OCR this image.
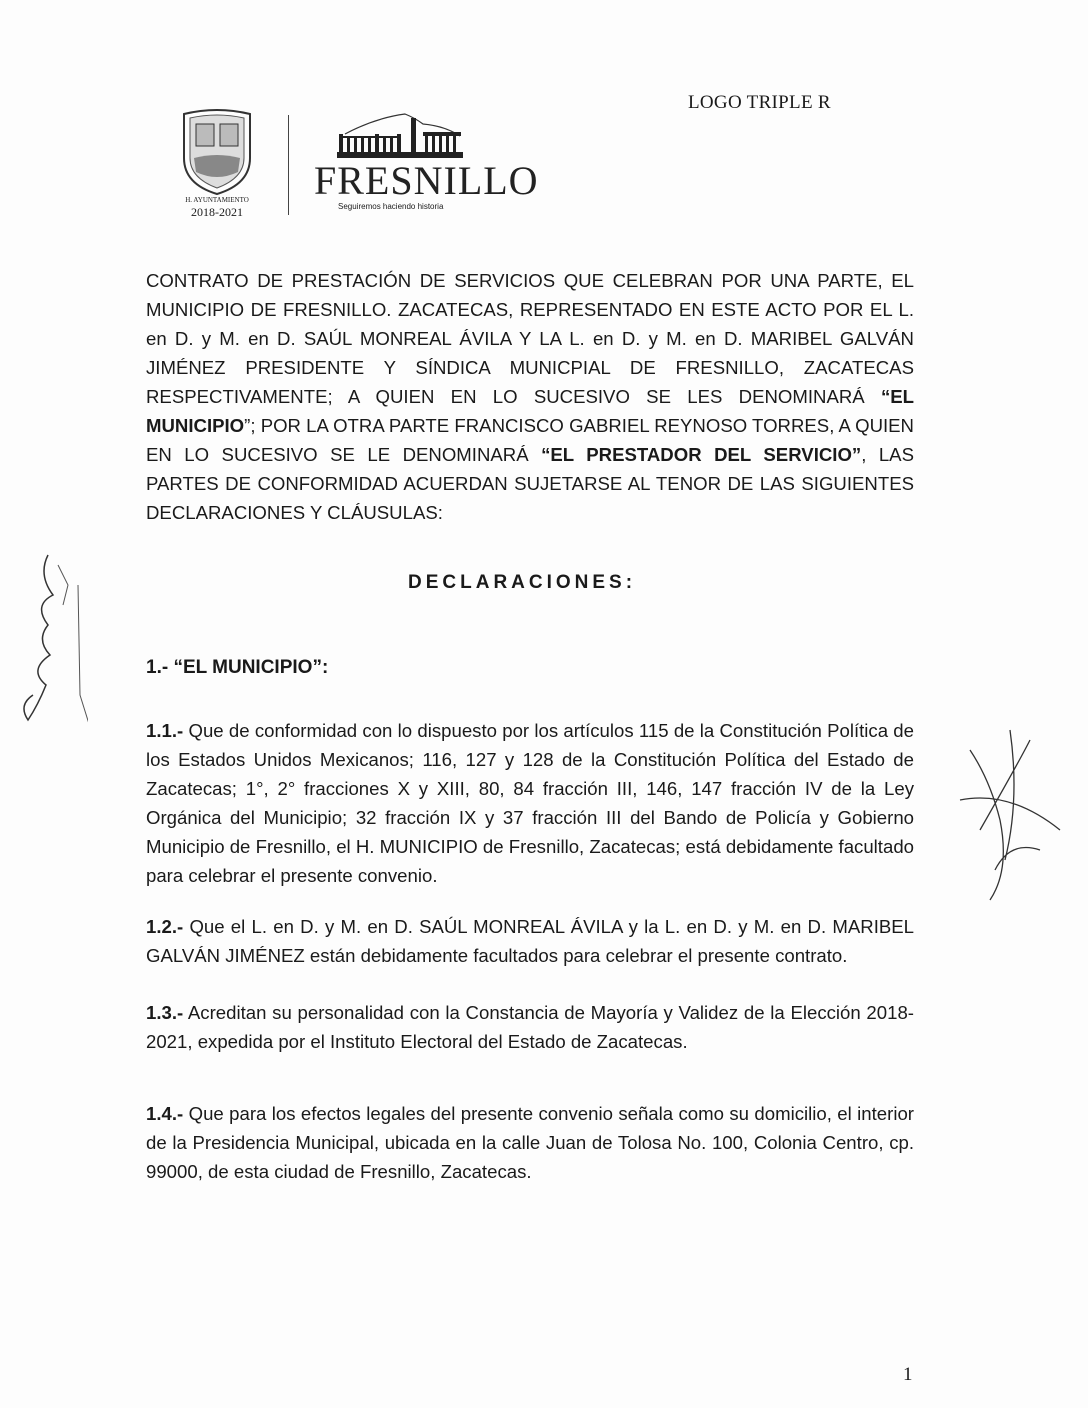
LOGO TRIPLE R
H. AYUNTAMIENTO
2018-2021
FRESNILLO
Seguiremos haciendo historia
CONTRATO DE PRESTACIÓN DE SERVICIOS QUE CELEBRAN POR UNA PARTE, EL MUNICIPIO DE FRESNILLO. ZACATECAS, REPRESENTADO EN ESTE ACTO POR EL L. en D. y M. en D. SAÚL MONREAL ÁVILA Y LA L. en D. y M. en D. MARIBEL GALVÁN JIMÉNEZ PRESIDENTE Y SÍNDICA MUNICPIAL DE FRESNILLO, ZACATECAS RESPECTIVAMENTE; A QUIEN EN LO SUCESIVO SE LES DENOMINARÁ “EL MUNICIPIO”; POR LA OTRA PARTE FRANCISCO GABRIEL REYNOSO TORRES, A QUIEN EN LO SUCESIVO SE LE DENOMINARÁ “EL PRESTADOR DEL SERVICIO”, LAS PARTES DE CONFORMIDAD ACUERDAN SUJETARSE AL TENOR DE LAS SIGUIENTES DECLARACIONES Y CLÁUSULAS:
DECLARACIONES:
1.- “EL MUNICIPIO”:
1.1.- Que de conformidad con lo dispuesto por los artículos 115 de la Constitución Política de los Estados Unidos Mexicanos; 116, 127 y 128 de la Constitución Política del Estado de Zacatecas; 1°, 2° fracciones X y XIII, 80, 84 fracción III, 146, 147 fracción IV de la Ley Orgánica del Municipio; 32 fracción IX y 37 fracción III del Bando de Policía y Gobierno Municipio de Fresnillo, el H. MUNICIPIO de Fresnillo, Zacatecas; está debidamente facultado para celebrar el presente convenio.
1.2.- Que el L. en D. y M. en D. SAÚL MONREAL ÁVILA y la L. en D. y M. en D. MARIBEL GALVÁN JIMÉNEZ están debidamente facultados para celebrar el presente contrato.
1.3.- Acreditan su personalidad con la Constancia de Mayoría y Validez de la Elección 2018-2021, expedida por el Instituto Electoral del Estado de Zacatecas.
1.4.- Que para los efectos legales del presente convenio señala como su domicilio, el interior de la Presidencia Municipal, ubicada en la calle Juan de Tolosa No. 100, Colonia Centro, cp. 99000, de esta ciudad de Fresnillo, Zacatecas.
1
